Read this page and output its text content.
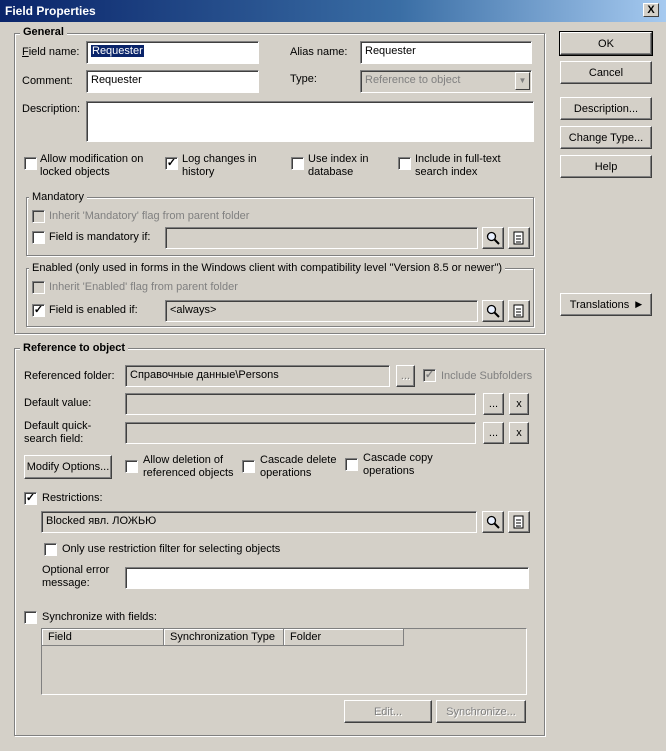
Field Properties	X
General
Field name:	Requester	Alias name:	Requester
Comment:	Requester	Type:	Reference to object	▼
Description:
Allow modification on locked objects
✓ Log changes in history
Use index in database
Include in full-text search index
Mandatory
Inherit 'Mandatory' flag from parent folder
Field is mandatory if:
Enabled (only used in forms in the Windows client with compatibility level "Version 8.5 or newer")
Inherit 'Enabled' flag from parent folder
✓ Field is enabled if:	<always>
OK
Cancel
Description...
Change Type...
Help
Translations ▶
Reference to object
Referenced folder:	Справочные данные\Persons	...	✓ Include Subfolders
Default value:	...	x
Default quick-search field:	...	x
Modify Options...
Allow deletion of referenced objects
Cascade delete operations
Cascade copy operations
✓ Restrictions:
Blocked явл. ЛОЖЬЮ
Only use restriction filter for selecting objects
Optional error message:
Synchronize with fields:
Field	Synchronization Type	Folder
Edit...	Synchronize...
